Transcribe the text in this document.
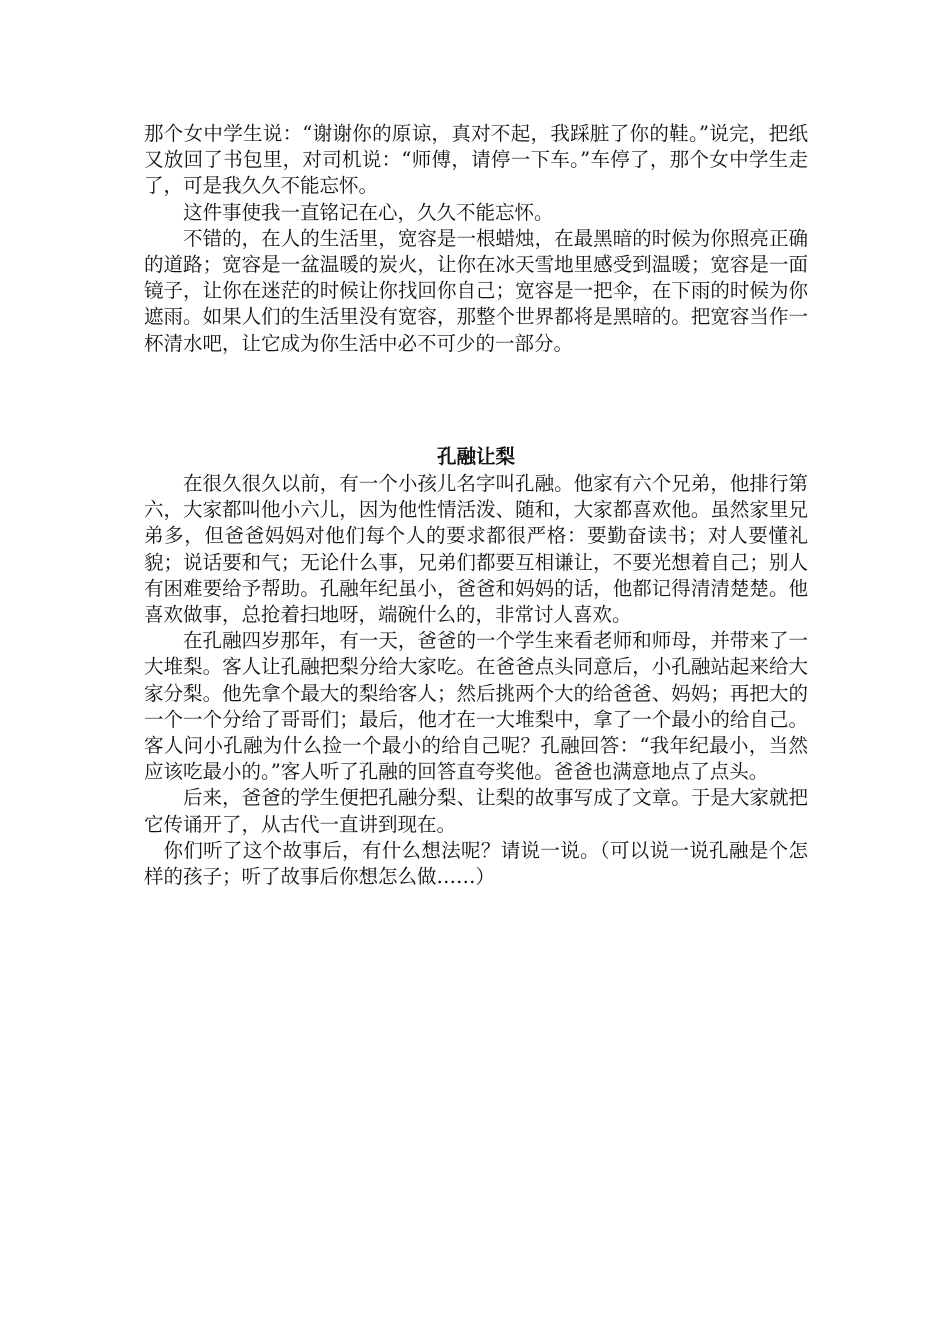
那个女中学生说：“谢谢你的原谅，真对不起，我踩脏了你的鞋。”说完，把纸又放回了书包里，对司机说：“师傅，请停一下车。”车停了，那个女中学生走了，可是我久久不能忘怀。

这件事使我一直铭记在心，久久不能忘怀。

不错的，在人的生活里，宽容是一根蜡烛，在最黑暗的时候为你照亮正确的道路；宽容是一盆温暖的炭火，让你在冰天雪地里感受到温暖；宽容是一面镜子，让你在迷茫的时候让你找回你自己；宽容是一把伞，在下雨的时候为你遮雨。如果人们的生活里没有宽容，那整个世界都将是黑暗的。把宽容当作一杯清水吧，让它成为你生活中必不可少的一部分。

孔融让梨

在很久很久以前，有一个小孩儿名字叫孔融。他家有六个兄弟，他排行第六，大家都叫他小六儿，因为他性情活泼、随和，大家都喜欢他。虽然家里兄弟多，但爸爸妈妈对他们每个人的要求都很严格：要勤奋读书；对人要懂礼貌；说话要和气；无论什么事，兄弟们都要互相谦让，不要光想着自己；别人有困难要给予帮助。孔融年纪虽小，爸爸和妈妈的话，他都记得清清楚楚。他喜欢做事，总抢着扫地呀，端碗什么的，非常讨人喜欢。

在孔融四岁那年，有一天，爸爸的一个学生来看老师和师母，并带来了一大堆梨。客人让孔融把梨分给大家吃。在爸爸点头同意后，小孔融站起来给大家分梨。他先拿个最大的梨给客人；然后挑两个大的给爸爸、妈妈；再把大的一个一个分给了哥哥们；最后，他才在一大堆梨中，拿了一个最小的给自己。客人问小孔融为什么捡一个最小的给自己呢？孔融回答：“我年纪最小，当然应该吃最小的。”客人听了孔融的回答直夸奖他。爸爸也满意地点了点头。

后来，爸爸的学生便把孔融分梨、让梨的故事写成了文章。于是大家就把它传诵开了，从古代一直讲到现在。

你们听了这个故事后，有什么想法呢？请说一说。（可以说一说孔融是个怎样的孩子；听了故事后你想怎么做……）
